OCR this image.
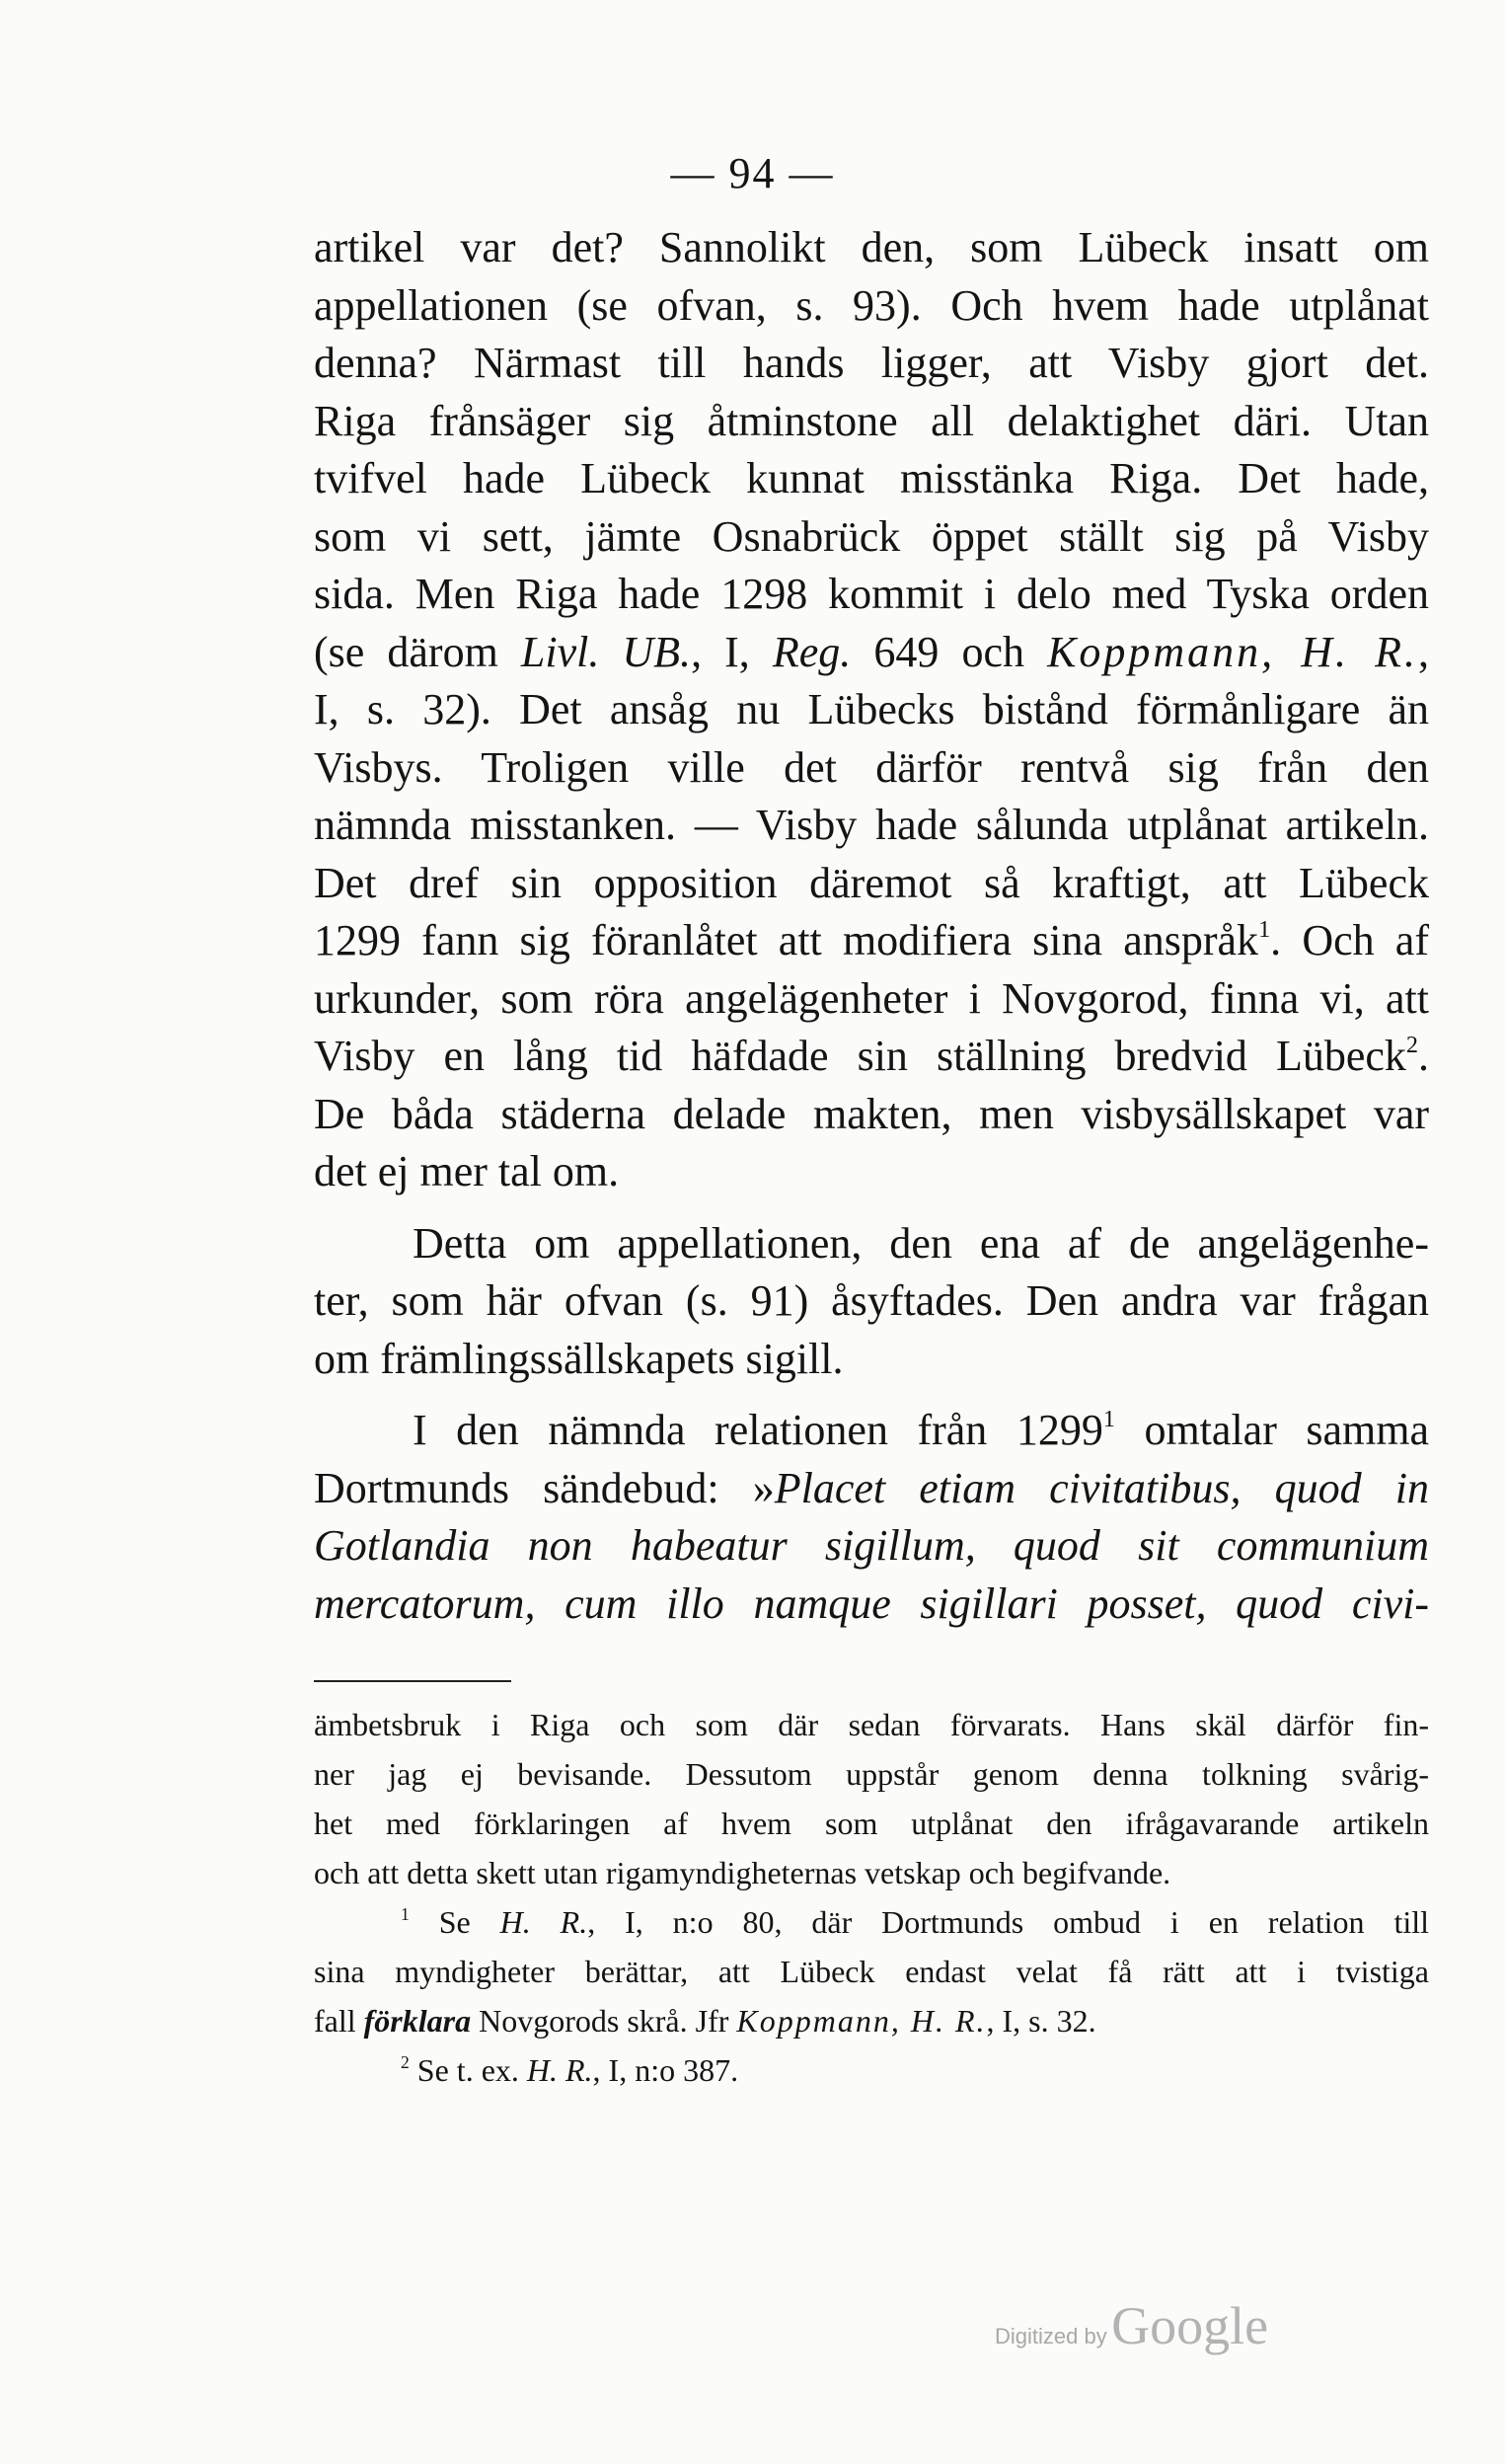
— 94 —
artikel var det? Sannolikt den, som Lübeck insatt om
appellationen (se ofvan, s. 93). Och hvem hade utplånat
denna? Närmast till hands ligger, att Visby gjort det.
Riga frånsäger sig åtminstone all delaktighet däri. Utan
tvifvel hade Lübeck kunnat misstänka Riga. Det hade,
som vi sett, jämte Osnabrück öppet ställt sig på Visby
sida. Men Riga hade 1298 kommit i delo med Tyska orden
(se därom Livl. UB., I, Reg. 649 och Koppmann, H. R.,
I, s. 32). Det ansåg nu Lübecks bistånd förmånligare än
Visbys. Troligen ville det därför rentvå sig från den
nämnda misstanken. — Visby hade sålunda utplånat artikeln.
Det dref sin opposition däremot så kraftigt, att Lübeck
1299 fann sig föranlåtet att modifiera sina anspråk$^1$. Och af
urkunder, som röra angelägenheter i Novgorod, finna vi, att
Visby en lång tid häfdade sin ställning bredvid Lübeck$^2$.
De båda städerna delade makten, men visbysällskapet var
det ej mer tal om.
Detta om appellationen, den ena af de angelägenhe-
ter, som här ofvan (s. 91) åsyftades. Den andra var frågan
om främlingssällskapets sigill.
I den nämnda relationen från 1299$^1$ omtalar samma
Dortmunds sändebud: »Placet etiam civitatibus, quod in
Gotlandia non habeatur sigillum, quod sit communium
mercatorum, cum illo namque sigillari posset, quod civi-
ämbetsbruk i Riga och som där sedan förvarats. Hans skäl därför fin-
ner jag ej bevisande. Dessutom uppstår genom denna tolkning svårig-
het med förklaringen af hvem som utplånat den ifrågavarande artikeln
och att detta skett utan rigamyndigheternas vetskap och begifvande.
$^1$ Se H. R., I, n:o 80, där Dortmunds ombud i en relation till
sina myndigheter berättar, att Lübeck endast velat få rätt att i tvistiga
fall förklara Novgorods skrå. Jfr Koppmann, H. R., I, s. 32.
$^2$ Se t. ex. H. R., I, n:o 387.
Digitized by Google
